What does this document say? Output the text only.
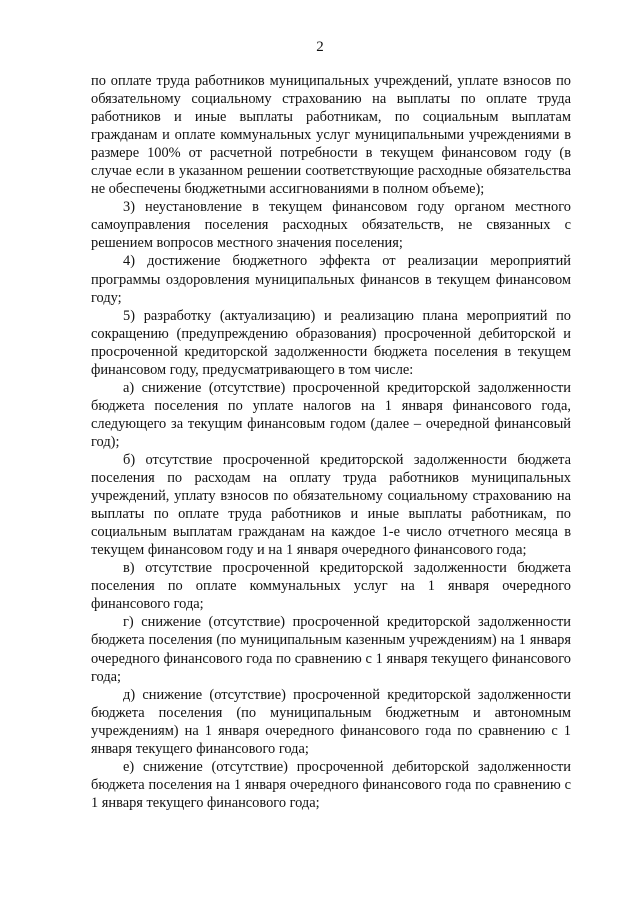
2

по оплате труда работников муниципальных учреждений, уплате взносов по обязательному социальному страхованию на выплаты по оплате труда работников и иные выплаты работникам, по социальным выплатам гражданам и оплате коммунальных услуг муниципальными учреждениями в размере 100% от расчетной потребности в текущем финансовом году (в случае если в указанном решении соответствующие расходные обязательства не обеспечены бюджетными ассигнованиями в полном объеме);

3) неустановление в текущем финансовом году органом местного самоуправления поселения расходных обязательств, не связанных с решением вопросов местного значения поселения;

4) достижение бюджетного эффекта от реализации мероприятий программы оздоровления муниципальных финансов в текущем финансовом году;

5) разработку (актуализацию) и реализацию плана мероприятий по сокращению (предупреждению образования) просроченной дебиторской и просроченной кредиторской задолженности бюджета поселения в текущем финансовом году, предусматривающего в том числе:

а) снижение (отсутствие) просроченной кредиторской задолженности бюджета поселения по уплате налогов на 1 января финансового года, следующего за текущим финансовым годом (далее – очередной финансовый год);

б) отсутствие просроченной кредиторской задолженности бюджета поселения по расходам на оплату труда работников муниципальных учреждений, уплату взносов по обязательному социальному страхованию на выплаты по оплате труда работников и иные выплаты работникам, по социальным выплатам гражданам на каждое 1-е число отчетного месяца в текущем финансовом году и на 1 января очередного финансового года;

в) отсутствие просроченной кредиторской задолженности бюджета поселения по оплате коммунальных услуг на 1 января очередного финансового года;

г) снижение (отсутствие) просроченной кредиторской задолженности бюджета поселения (по муниципальным казенным учреждениям) на 1 января очередного финансового года по сравнению с 1 января текущего финансового года;

д) снижение (отсутствие) просроченной кредиторской задолженности бюджета поселения (по муниципальным бюджетным и автономным учреждениям) на 1 января очередного финансового года по сравнению с 1 января текущего финансового года;

е) снижение (отсутствие) просроченной дебиторской задолженности бюджета поселения на 1 января очередного финансового года по сравнению с 1 января текущего финансового года;
